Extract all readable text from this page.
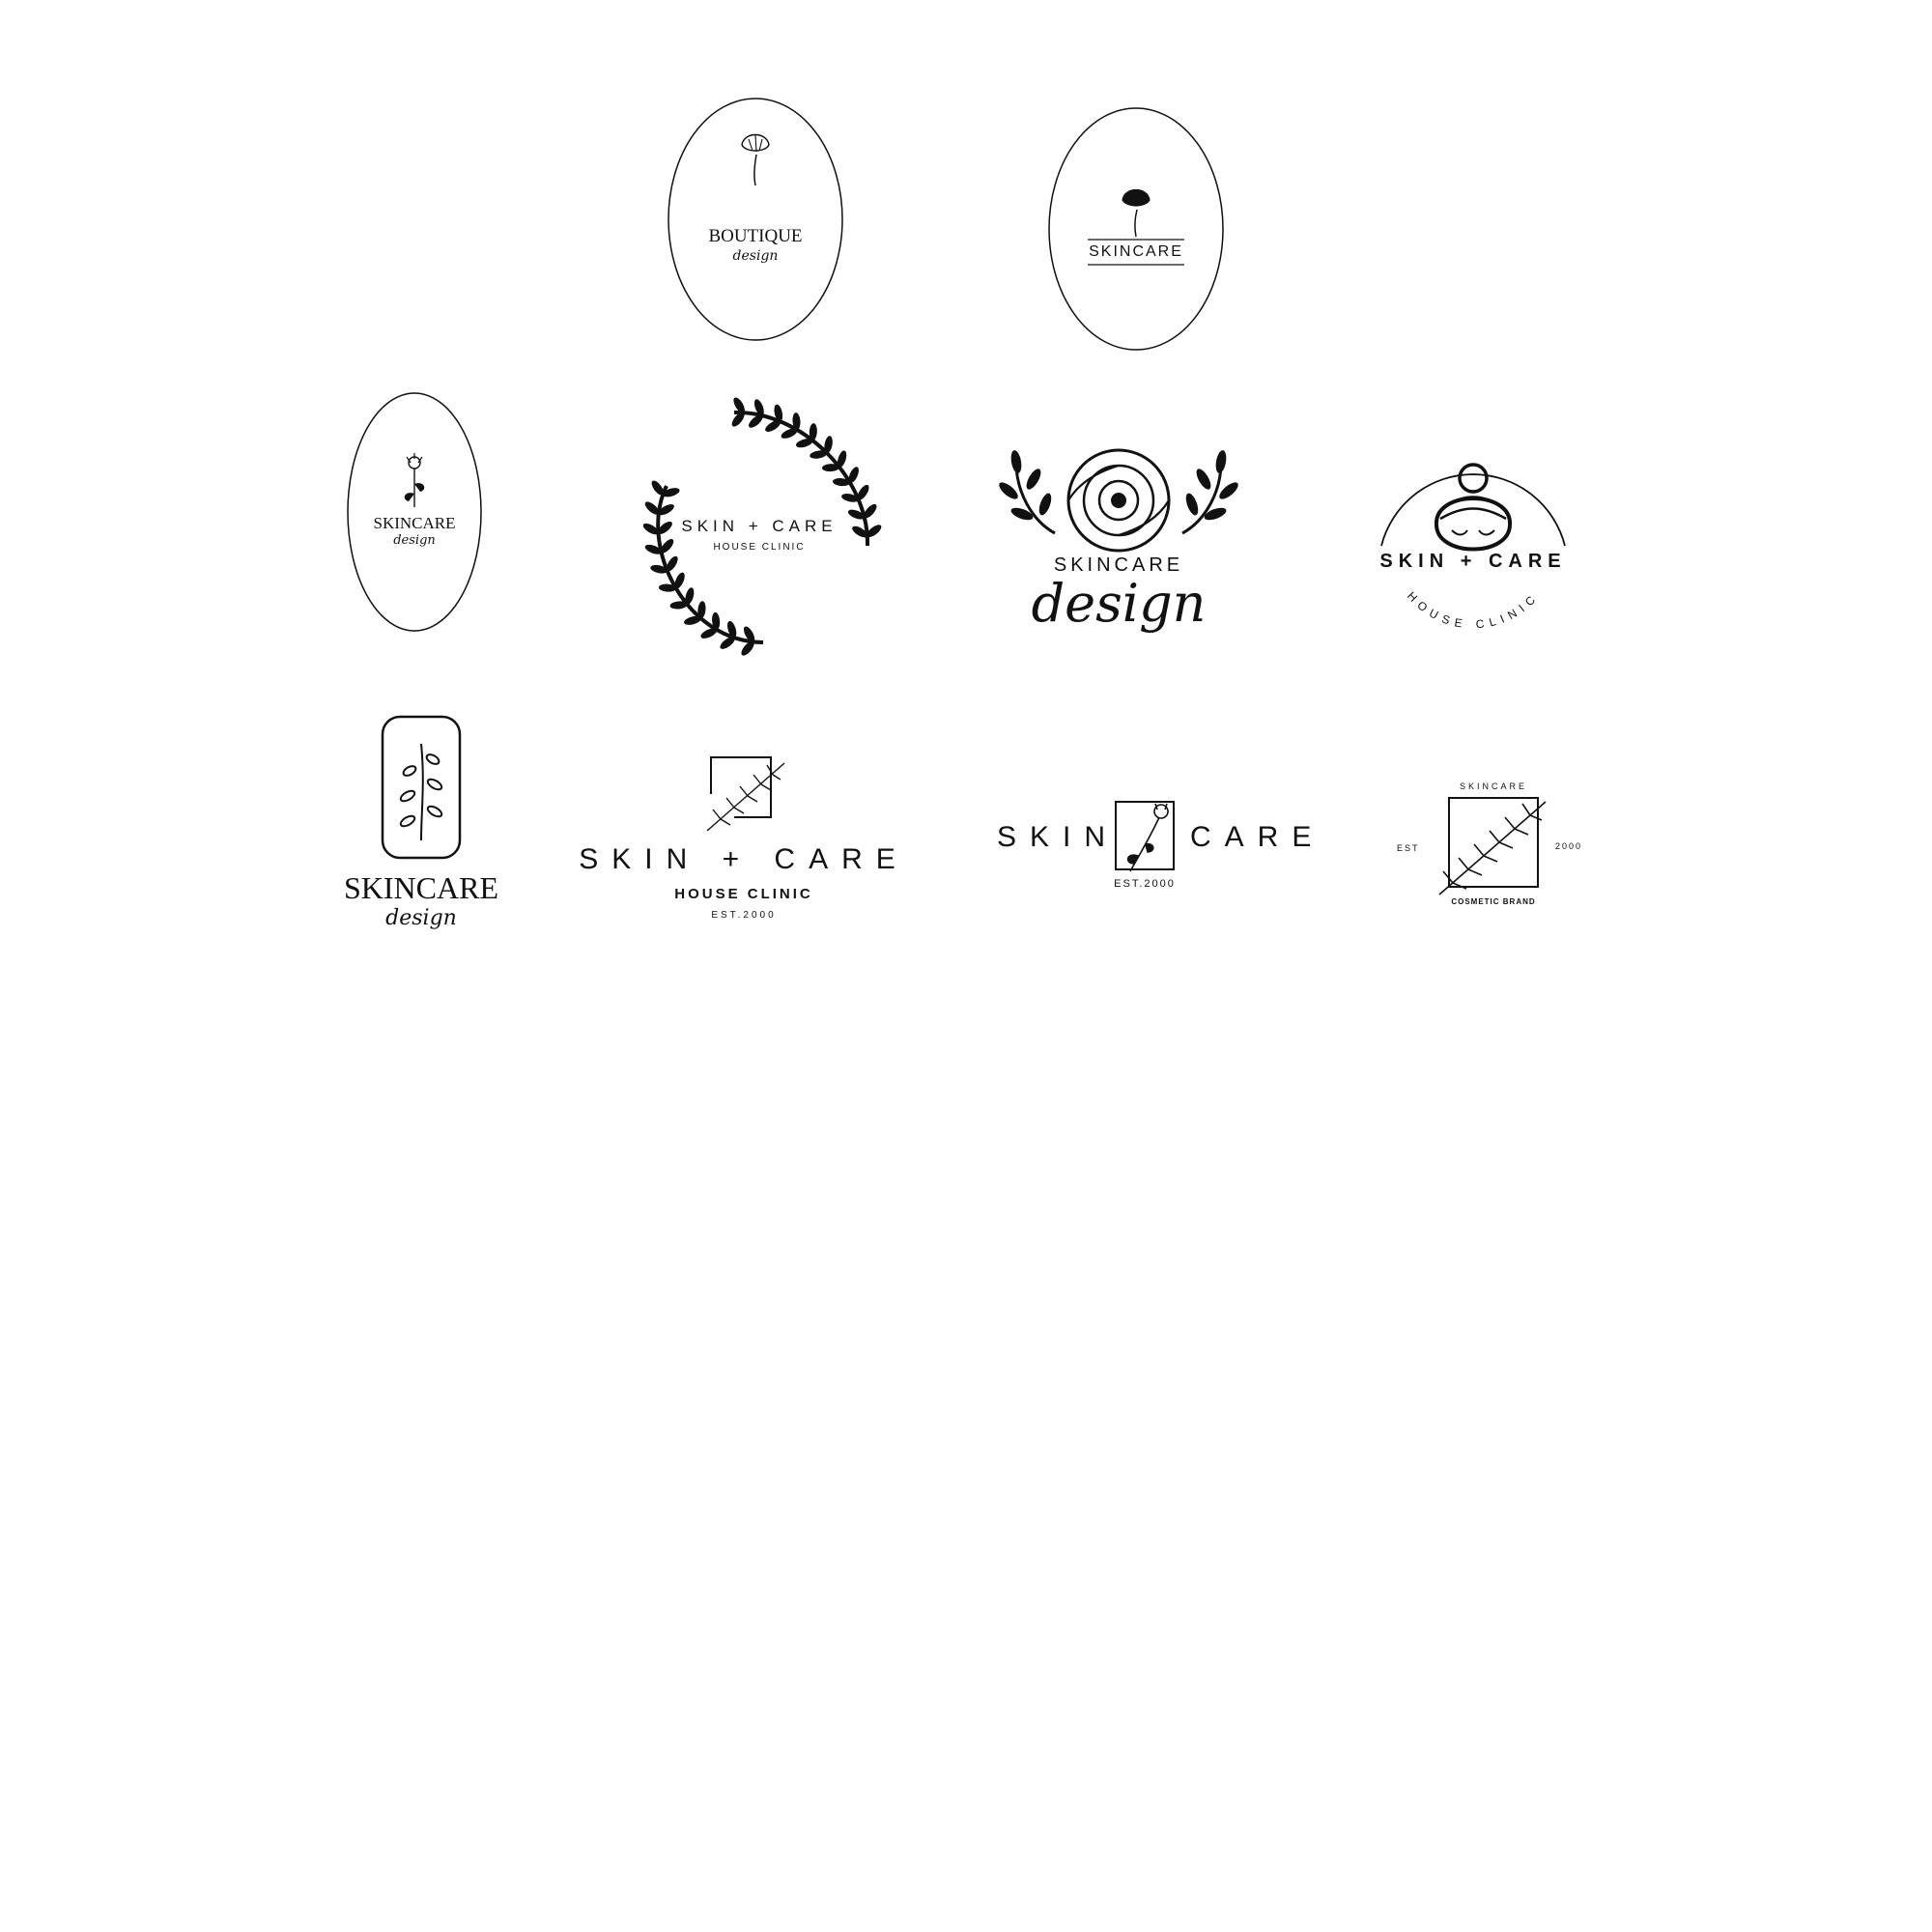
BOUTIQUE
design	SKINCARE
SKINCARE
design
SKIN + CARE
HOUSE CLINIC
SKINCARE
design	HOUSE CLINIC
SKIN + CARE
SKINCARE
design
SKIN + CARE
HOUSE CLINIC
EST.2000
SKIN CARE
EST.2000
SKINCARE
EST	2000
COSMETIC BRAND
